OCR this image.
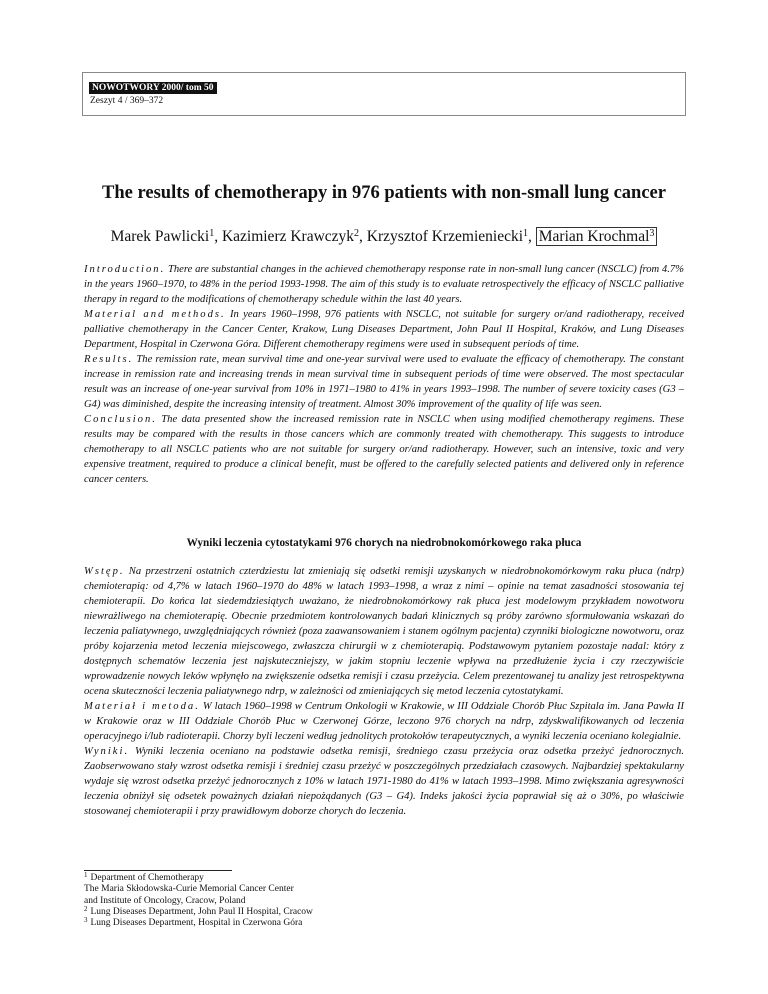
NOWOTWORY 2000/ tom 50
Zeszyt 4 / 369–372
The results of chemotherapy in 976 patients with non-small lung cancer
Marek Pawlicki$^1$, Kazimierz Krawczyk$^2$, Krzysztof Krzemieniecki$^1$, Marian Krochmal$^3$

Introduction. There are substantial changes in the achieved chemotherapy response rate in non-small lung cancer (NSCLC) from 4.7% in the years 1960–1970, to 48% in the period 1993-1998. The aim of this study is to evaluate retrospectively the efficacy of NSCLC palliative therapy in regard to the modifications of chemotherapy schedule within the last 40 years.

Material and methods. In years 1960–1998, 976 patients with NSCLC, not suitable for surgery or/and radiotherapy, received palliative chemotherapy in the Cancer Center, Krakow, Lung Diseases Department, John Paul II Hospital, Kraków, and Lung Diseases Department, Hospital in Czerwona Góra. Different chemotherapy regimens were used in subsequent periods of time.

Results. The remission rate, mean survival time and one-year survival were used to evaluate the efficacy of chemotherapy. The constant increase in remission rate and increasing trends in mean survival time in subsequent periods of time were observed. The most spectacular result was an increase of one-year survival from 10% in 1971–1980 to 41% in years 1993–1998. The number of severe toxicity cases (G3 – G4) was diminished, despite the increasing intensity of treatment. Almost 30% improvement of the quality of life was seen.

Conclusion. The data presented show the increased remission rate in NSCLC when using modified chemotherapy regimens. These results may be compared with the results in those cancers which are commonly treated with chemotherapy. This suggests to introduce chemotherapy to all NSCLC patients who are not suitable for surgery or/and radiotherapy. However, such an intensive, toxic and very expensive treatment, required to produce a clinical benefit, must be offered to the carefully selected patients and delivered only in reference cancer centers.

Wyniki leczenia cytostatykami 976 chorych na niedrobnokomórkowego raka płuca

Wstęp. Na przestrzeni ostatnich czterdziestu lat zmieniają się odsetki remisji uzyskanych w niedrobnokomórkowym raku płuca (ndrp) chemioterapią: od 4,7% w latach 1960–1970 do 48% w latach 1993–1998, a wraz z nimi – opinie na temat zasadności stosowania tej chemioterapii. Do końca lat siedemdziesiątych uważano, że niedrobnokomórkowy rak płuca jest modelowym przykładem nowotworu niewrażliwego na chemioterapię. Obecnie przedmiotem kontrolowanych badań klinicznych są próby zarówno sformułowania wskazań do leczenia paliatywnego, uwzględniających również (poza zaawansowaniem i stanem ogólnym pacjenta) czynniki biologiczne nowotworu, oraz próby kojarzenia metod leczenia miejscowego, zwłaszcza chirurgii w z chemioterapią. Podstawowym pytaniem pozostaje nadal: który z dostępnych schematów leczenia jest najskuteczniejszy, w jakim stopniu leczenie wpływa na przedłużenie życia i czy rzeczywiście wprowadzenie nowych leków wpłynęło na zwiększenie odsetka remisji i czasu przeżycia. Celem prezentowanej tu analizy jest retrospektywna ocena skuteczności leczenia paliatywnego ndrp, w zależności od zmieniających się metod leczenia cytostatykami.

Materiał i metoda. W latach 1960–1998 w Centrum Onkologii w Krakowie, w III Oddziale Chorób Płuc Szpitala im. Jana Pawła II w Krakowie oraz w III Oddziale Chorób Płuc w Czerwonej Górze, leczono 976 chorych na ndrp, zdyskwalifikowanych od leczenia operacyjnego i/lub radioterapii. Chorzy byli leczeni według jednolitych protokołów terapeutycznych, a wyniki leczenia oceniano kolegialnie.

Wyniki. Wyniki leczenia oceniano na podstawie odsetka remisji, średniego czasu przeżycia oraz odsetka przeżyć jednorocznych. Zaobserwowano stały wzrost odsetka remisji i średniej czasu przeżyć w poszczególnych przedziałach czasowych. Najbardziej spektakularny wydaje się wzrost odsetka przeżyć jednorocznych z 10% w latach 1971-1980 do 41% w latach 1993–1998. Mimo zwiększania agresywności leczenia obniżył się odsetek poważnych działań niepożądanych (G3 – G4). Indeks jakości życia poprawiał się aż o 30%, po właściwie stosowanej chemioterapii i przy prawidłowym doborze chorych do leczenia.

$^1$ Department of Chemotherapy
The Maria Skłodowska-Curie Memorial Cancer Center
and Institute of Oncology, Cracow, Poland
$^2$ Lung Diseases Department, John Paul II Hospital, Cracow
$^3$ Lung Diseases Department, Hospital in Czerwona Góra
